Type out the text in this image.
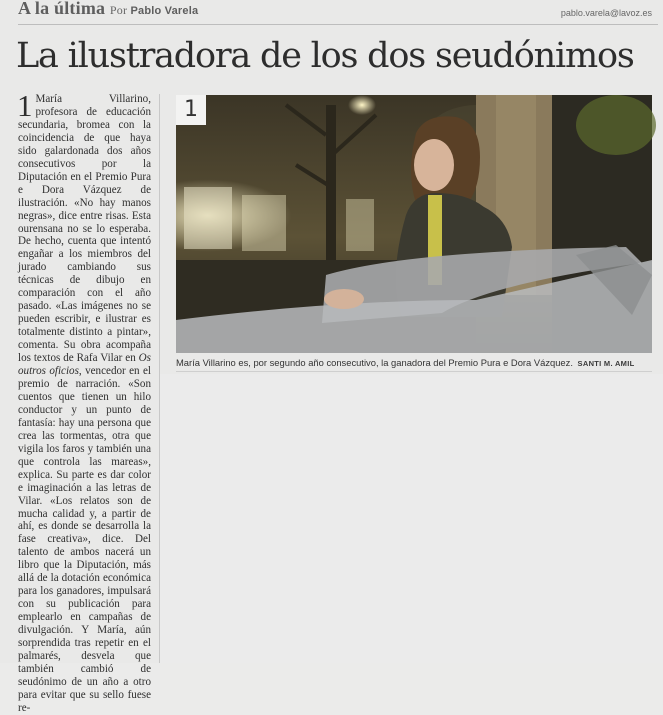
A la última Por Pablo Varela	pablo.varela@lavoz.es
La ilustradora de los dos seudónimos
1 María Villarino, profesora de educación secundaria, bromea con la coincidencia de que haya sido galardonada dos años consecutivos por la Diputación en el Premio Pura e Dora Vázquez de ilustración. «No hay manos negras», dice entre risas. Esta ourensana no se lo esperaba. De hecho, cuenta que intentó engañar a los miembros del jurado cambiando sus técnicas de dibujo en comparación con el año pasado. «Las imágenes no se pueden escribir, e ilustrar es totalmente distinto a pintar», comenta. Su obra acompaña los textos de Rafa Vilar en Os outros oficios, vencedor en el premio de narración. «Son cuentos que tienen un hilo conductor y un punto de fantasía: hay una persona que crea las tormentas, otra que vigila los faros y también una que controla las mareas», explica. Su parte es dar color e imaginación a las letras de Vilar. «Los relatos son de mucha calidad y, a partir de ahí, es donde se desarrolla la fase creativa», dice. Del talento de ambos nacerá un libro que la Diputación, más allá de la dotación económica para los ganadores, impulsará con su publicación para emplearlo en campañas de divulgación. Y María, aún sorprendida tras repetir en el palmarés, desvela que también cambió de seudónimo de un año a otro para evitar que su sello fuese re-
1
María Villarino es, por segundo año consecutivo, la ganadora del Premio Pura e Dora Vázquez. SANTI M. AMIL
